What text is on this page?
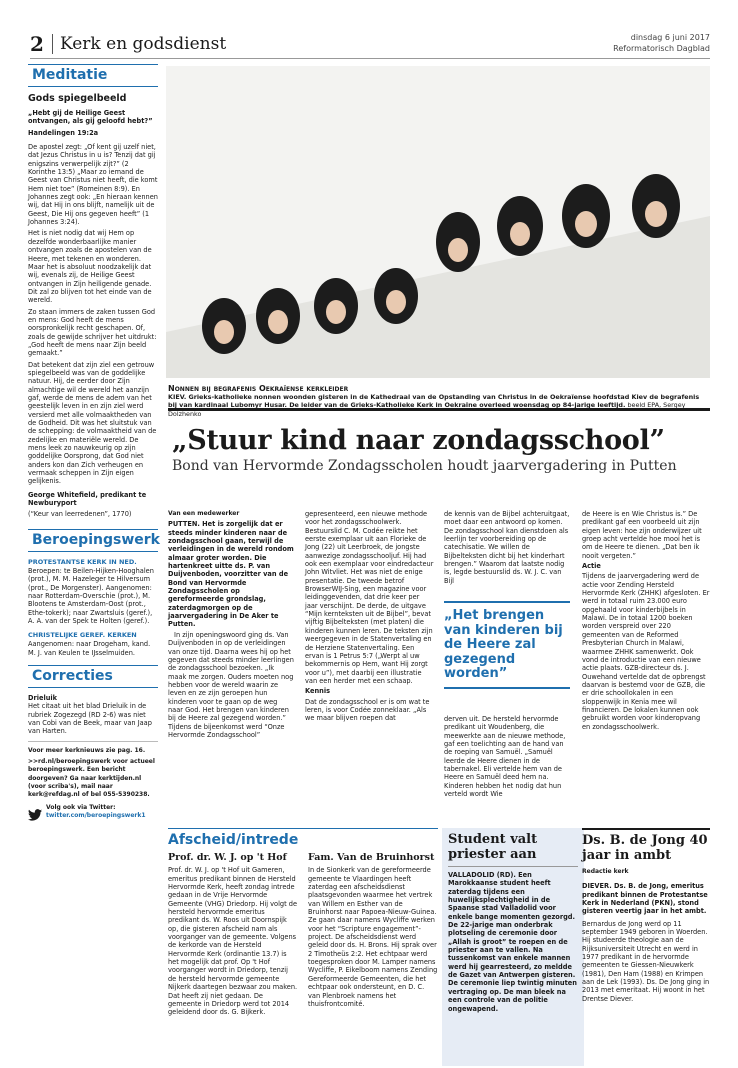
2 Kerk en godsdienst	dinsdag 6 juni 2017
Reformatorisch Dagblad
Meditatie
Gods spiegelbeeld

„Hebt gij de Heilige Geest ontvangen, als gij geloofd hebt?”

Handelingen 19:2a

De apostel zegt: „Of kent gij uzelf niet, dat Jezus Christus in u is? Tenzij dat gij enigszins verwerpelijk zijt?” (2 Korinthe 13:5) „Maar zo iemand de Geest van Christus niet heeft, die komt Hem niet toe” (Romeinen 8:9). En Johannes zegt ook: „En hieraan kennen wij, dat Hij in ons blijft, namelijk uit de Geest, Die Hij ons gegeven heeft” (1 Johannes 3:24).

Het is niet nodig dat wij Hem op dezelfde wonderbaarlijke manier ontvangen zoals de apostelen van de Heere, met tekenen en wonderen. Maar het is absoluut noodzakelijk dat wij, evenals zij, de Heilige Geest ontvangen in Zijn heiligende genade. Dit zal zo blijven tot het einde van de wereld.

Zo staan immers de zaken tussen God en mens: God heeft de mens oorspronkelijk recht geschapen. Of, zoals de gewijde schrijver het uitdrukt: „God heeft de mens naar Zijn beeld gemaakt.”

Dat betekent dat zijn ziel een getrouw spiegelbeeld was van de goddelijke natuur. Hij, de eerder door Zijn almachtige wil de wereld het aanzijn gaf, werde de mens de adem van het geestelijk leven in en zijn ziel werd versierd met alle volmaaktheden van de Godheid. Dit was het sluitstuk van de schepping: de volmaaktheid van de zedelijke en materiële wereld. De mens leek zo nauwkeurig op zijn goddelijke Oorsprong, dat God niet anders kon dan Zich verheugen en vermaak scheppen in Zijn eigen gelijkenis.

George Whitefield, predikant te Newburyport

(“Keur van leerredenen”, 1770)

Beroepingswerk
PROTESTANTSE KERK IN NED.

Beroepen: te Beilen-Hijken-Hooghalen (prot.), M. M. Hazeleger te Hilversum (prot., De Morgenster). Aangenomen: naar Rotterdam-Overschie (prot.), M. Blootens te Amsterdam-Oost (prot., Ethe-tokerk); naar Zwartsluis (geref.), A. A. van der Spek te Holten (geref.).

CHRISTELIJKE GEREF. KERKEN

Aangenomen: naar Drogeham, kand. M. J. van Keulen te IJsselmuiden.

Correcties

Drieluik

Het citaat uit het blad Drieluik in de rubriek Zogezegd (RD 2-6) was niet van Cobi van de Beek, maar van Jaap van Harten.

Voor meer kerknieuws zie pag. 16.

>>rd.nl/beroepingswerk voor actueel beroepingswerk. Een bericht doorgeven? Ga naar kerktijden.nl (voor scriba's), mail naar kerk@refdag.nl of bel 055-5390238.

Volg ook via Twitter:
twitter.com/beroepingswerk1
Nonnen bij begrafenis Oekraïense kerkleider
KIEV. Grieks-katholieke nonnen woonden gisteren in de Kathedraal van de Opstanding van Christus in de Oekraïense hoofdstad Kiev de begrafenis bij van kardinaal Lubomyr Husar. De leider van de Grieks-Katholieke Kerk in Oekraïne overleed woensdag op 84-jarige leeftijd. beeld EPA, Sergey Dolzhenko
„Stuur kind naar zondagsschool”
Bond van Hervormde Zondagsscholen houdt jaarvergadering in Putten

Van een medewerker

PUTTEN. Het is zorgelijk dat er steeds minder kinderen naar de zondagsschool gaan, terwijl de verleidingen in de wereld rondom almaar groter worden. Die hartenkreet uitte ds. P. van Duijvenboden, voorzitter van de Bond van Hervormde Zondagsscholen op gereformeerde grondslag, zaterdagmorgen op de jaarvergadering in De Aker te Putten.

In zijn openingswoord ging ds. Van Duijvenboden in op de verleidingen van onze tijd. Daarna wees hij op het gegeven dat steeds minder leerlingen de zondagsschool bezoeken. „Ik maak me zorgen. Ouders moeten nog hebben voor de wereld waarin ze leven en ze zijn geroepen hun kinderen voor te gaan op de weg naar God. Het brengen van kinderen bij de Heere zal gezegend worden.” Tijdens de bijeenkomst werd “Onze Hervormde Zondagsschool”

gepresenteerd, een nieuwe methode voor het zondagsschoolwerk. Bestuurslid C. M. Codée reikte het eerste exemplaar uit aan Florieke de Jong (22) uit Leerbroek, de jongste aanwezige zondagsschooljuf. Hij had ook een exemplaar voor eindredacteur John Witvliet. Het was niet de enige presentatie. De tweede betrof BrowserWIJ-Sing, een magazine voor leidinggevenden, dat drie keer per jaar verschijnt. De derde, de uitgave “Mijn kernteksten uit de Bijbel”, bevat vijftig Bijbelteksten (met platen) die kinderen kunnen leren. De teksten zijn weergegeven in de Statenvertaling en de Herziene Statenvertaling. Een ervan is 1 Petrus 5:7 („Werpt al uw bekommernis op Hem, want Hij zorgt voor u”), met daarbij een illustratie van een herder met een schaap.

Kennis

Dat de zondagsschool er is om wat te leren, is voor Codée zonneklaar. „Als we maar blijven roepen dat

de kennis van de Bijbel achteruitgaat, moet daar een antwoord op komen. De zondagsschool kan dienstdoen als leerlijn ter voorbereiding op de catechisatie. We willen de Bijbelteksten dicht bij het kinderhart brengen.” Waarom dat laatste nodig is, legde bestuurslid ds. W. J. C. van Bijl

„Het brengen van kinderen bij de Heere zal gezegend worden”

derven uit. De hersteld hervormde predikant uit Woudenberg, die meewerkte aan de nieuwe methode, gaf een toelichting aan de hand van de roeping van Samuël. „Samuël leerde de Heere dienen in de tabernakel. Eli vertelde hem van de Heere en Samuël deed hem na. Kinderen hebben het nodig dat hun verteld wordt Wie

de Heere is en Wie Christus is.” De predikant gaf een voorbeeld uit zijn eigen leven: hoe zijn onderwijzer uit groep acht vertelde hoe mooi het is om de Heere te dienen. „Dat ben ik nooit vergeten.”

Actie

Tijdens de jaarvergadering werd de actie voor Zending Hersteld Hervormde Kerk (ZHHK) afgesloten. Er werd in totaal ruim 23.000 euro opgehaald voor kinderbijbels in Malawi. De in totaal 1200 boeken worden verspreid over 220 gemeenten van de Reformed Presbyterian Church in Malawi, waarmee ZHHK samenwerkt. Ook vond de introductie van een nieuwe actie plaats. GZB-directeur ds. J. Ouwehand vertelde dat de opbrengst daarvan is bestemd voor de GZB, die er drie schoollokalen in een sloppenwijk in Kenia mee wil financieren. De lokalen kunnen ook gebruikt worden voor kinderopvang en zondagsschoolwerk.

Afscheid/intrede
Prof. dr. W. J. op 't Hof

Prof. dr. W. J. op 't Hof uit Gameren, emeritus predikant binnen de Hersteld Hervormde Kerk, heeft zondag intrede gedaan in de Vrije Hervormde Gemeente (VHG) Driedorp. Hij volgt de hersteld hervormde emeritus predikant ds. W. Roos uit Doornspijk op, die gisteren afscheid nam als voorganger van de gemeente. Volgens de kerkorde van de Hersteld Hervormde Kerk (ordinantie 13.7) is het mogelijk dat prof. Op 't Hof voorganger wordt in Driedorp, tenzij de hersteld hervormde gemeente Nijkerk daartegen bezwaar zou maken. Dat heeft zij niet gedaan. De gemeente in Driedorp werd tot 2014 geleidend door ds. G. Bijkerk.

Fam. Van de Bruinhorst

In de Sionkerk van de gereformeerde gemeente te Vlaardingen heeft zaterdag een afscheidsdienst plaatsgevonden waarmee het vertrek van Willem en Esther van de Bruinhorst naar Papoea-Nieuw-Guinea. Ze gaan daar namens Wycliffe werken voor het “Scripture engagement”-project. De afscheidsdienst werd geleid door ds. H. Brons. Hij sprak over 2 Timotheüs 2:2. Het echtpaar werd toegesproken door M. Lamper namens Wycliffe, P. Eikelboom namens Zending Gereformeerde Gemeenten, die het echtpaar ook ondersteunt, en D. C. van Plenbroek namens het thuisfrontcomité.

Student valt priester aan

VALLADOLID (RD). Een Marokkaanse student heeft zaterdag tijdens een huwelijksplechtigheid in de Spaanse stad Valladolid voor enkele bange momenten gezorgd. De 22-jarige man onderbrak plotseling de ceremonie door „Allah is groot” te roepen en de priester aan te vallen. Na tussenkomst van enkele mannen werd hij gearresteerd, zo meldde de Gazet van Antwerpen gisteren. De ceremonie liep twintig minuten vertraging op. De man bleek na een controle van de politie ongewapend.

Ds. B. de Jong 40 jaar in ambt

Redactie kerk

DIEVER. Ds. B. de Jong, emeritus predikant binnen de Protestantse Kerk in Nederland (PKN), stond gisteren veertig jaar in het ambt.

Bernardus de Jong werd op 11 september 1949 geboren in Woerden. Hij studeerde theologie aan de Rijksuniversiteit Utrecht en werd in 1977 predikant in de hervormde gemeenten te Giessen-Nieuwkerk (1981), Den Ham (1988) en Krimpen aan de Lek (1993). Ds. De Jong ging in 2013 met emeritaat. Hij woont in het Drentse Diever.
